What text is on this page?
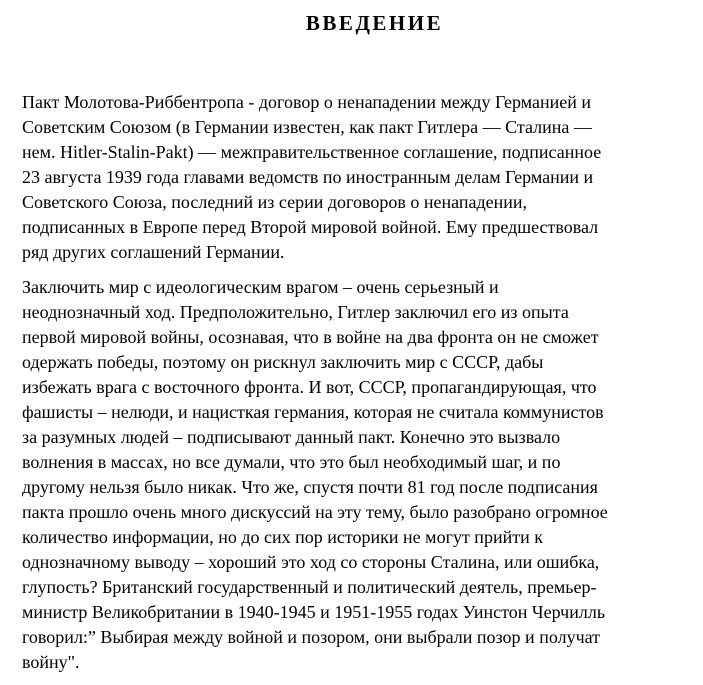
ВВЕДЕНИЕ
Пакт Молотова-Риббентропа - договор о ненападении между Германией и
Советским Союзом (в Германии известен, как пакт Гитлера — Сталина —
нем. Hitler-Stalin-Pakt) — межправительственное соглашение, подписанное
23 августа 1939 года главами ведомств по иностранным делам Германии и
Советского Союза, последний из серии договоров о ненападении,
подписанных в Европе перед Второй мировой войной. Ему предшествовал
ряд других соглашений Германии.
Заключить мир с идеологическим врагом – очень серьезный и
неоднозначный ход. Предположительно, Гитлер заключил его из опыта
первой мировой войны, осознавая, что в войне на два фронта он не сможет
одержать победы, поэтому он рискнул заключить мир с СССР, дабы
избежать врага с восточного фронта. И вот, СССР, пропагандирующая, что
фашисты – нелюди, и нацисткая германия, которая не считала коммунистов
за разумных людей – подписывают данный пакт. Конечно это вызвало
волнения в массах, но все думали, что это был необходимый шаг, и по
другому нельзя было никак. Что же, спустя почти 81 год после подписания
пакта прошло очень много дискуссий на эту тему, было разобрано огромное
количество информации, но до сих пор историки не могут прийти к
однозначному выводу – хороший это ход со стороны Сталина, или ошибка,
глупость? Британский государственный и политический деятель, премьер-
министр Великобритании в 1940-1945 и 1951-1955 годах Уинстон Черчилль
говорил:” Выбирая между войной и позором, они выбрали позор и получат
войну".
